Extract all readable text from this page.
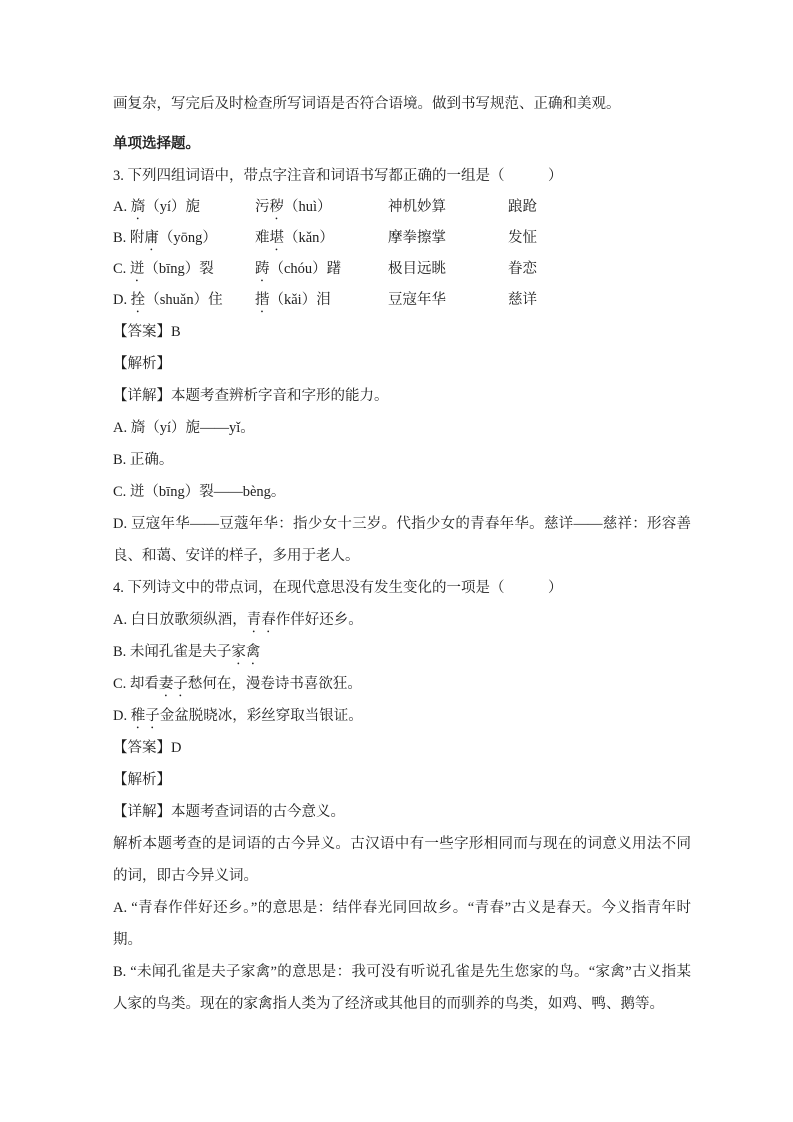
画复杂，写完后及时检查所写词语是否符合语境。做到书写规范、正确和美观。

单项选择题。

3. 下列四组词语中，带点字注音和词语书写都正确的一组是（　　　）

A. 旖（yí）旎	污秽（huì）	神机妙算	踉跄

B. 附庸（yōng）	难堪（kǎn）	摩拳擦掌	发怔

C. 迸（bīng）裂	踌（chóu）躇	极目远眺	眷恋

D. 拴（shuǎn）住	揩（kǎi）泪	豆寇年华	慈详

【答案】B

【解析】

【详解】本题考查辨析字音和字形的能力。

A. 旖（yí）旎——yǐ。

B. 正确。

C. 迸（bīng）裂——bèng。

D. 豆寇年华——豆蔻年华：指少女十三岁。代指少女的青春年华。慈详——慈祥：形容善良、和蔼、安详的样子，多用于老人。

4. 下列诗文中的带点词，在现代意思没有发生变化的一项是（　　　）

A. 白日放歌须纵酒，青春作伴好还乡。

B. 未闻孔雀是夫子家禽

C. 却看妻子愁何在，漫卷诗书喜欲狂。

D. 稚子金盆脱晓冰，彩丝穿取当银证。

【答案】D

【解析】

【详解】本题考查词语的古今意义。

解析本题考查的是词语的古今异义。古汉语中有一些字形相同而与现在的词意义用法不同的词，即古今异义词。

A. “青春作伴好还乡。”的意思是：结伴春光同回故乡。“青春”古义是春天。今义指青年时期。

B. “未闻孔雀是夫子家禽”的意思是：我可没有听说孔雀是先生您家的鸟。“家禽”古义指某人家的鸟类。现在的家禽指人类为了经济或其他目的而驯养的鸟类，如鸡、鸭、鹅等。
